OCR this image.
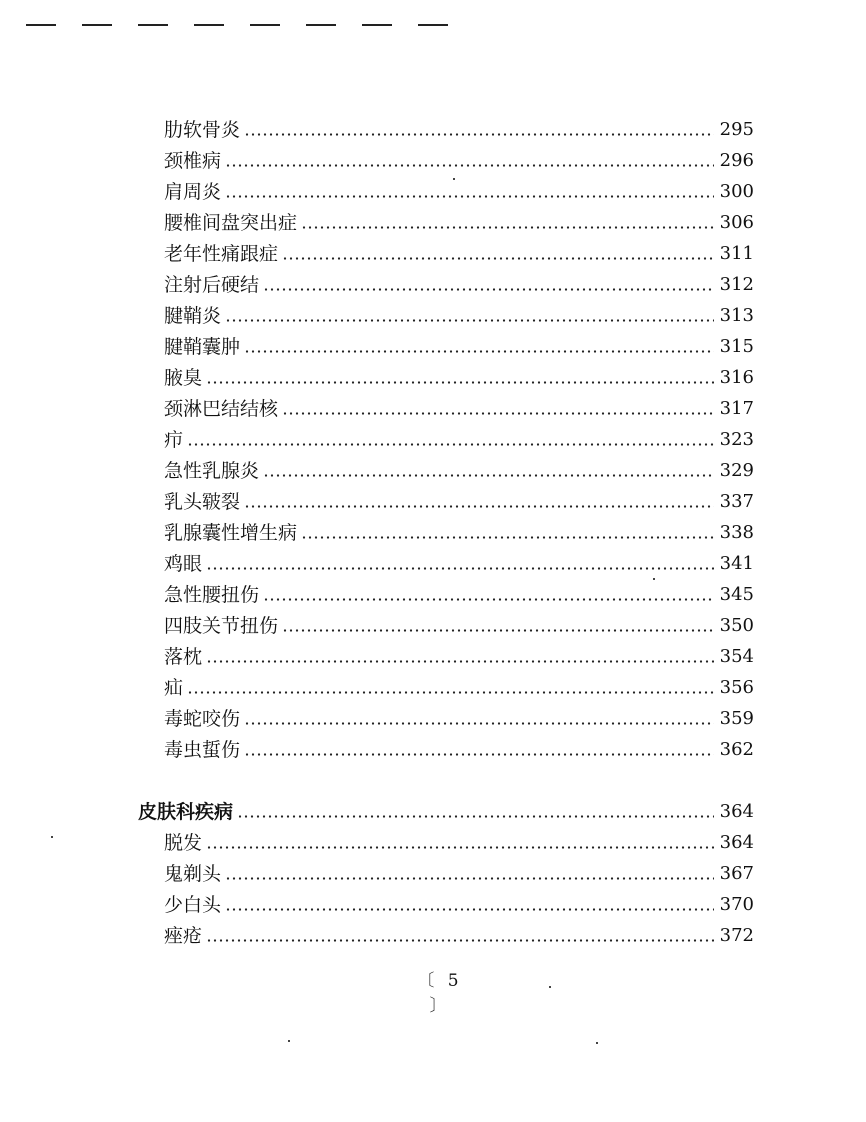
肋软骨炎	295
颈椎病	296
肩周炎	300
腰椎间盘突出症	306
老年性痛跟症	311
注射后硬结	312
腱鞘炎	313
腱鞘囊肿	315
腋臭	316
颈淋巴结结核	317
疖	323
急性乳腺炎	329
乳头皲裂	337
乳腺囊性增生病	338
鸡眼	341
急性腰扭伤	345
四肢关节扭伤	350
落枕	354
疝	356
毒蛇咬伤	359
毒虫蜇伤	362
皮肤科疾病	364
脱发	364
鬼剃头	367
少白头	370
痤疮	372
〔 5 〕
